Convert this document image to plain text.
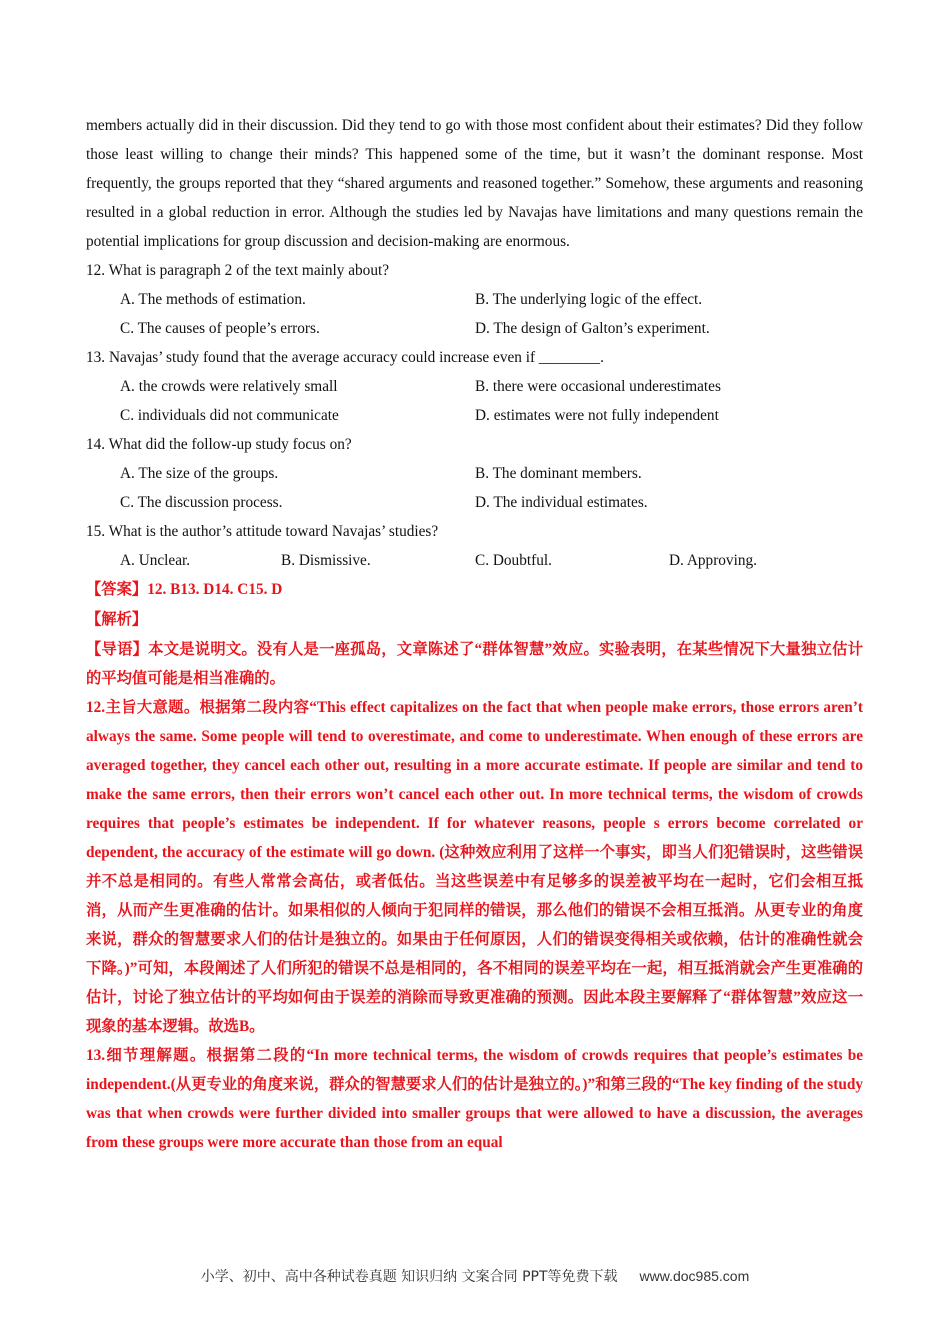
members actually did in their discussion. Did they tend to go with those most confident about their estimates? Did they follow those least willing to change their minds? This happened some of the time, but it wasn’t the dominant response. Most frequently, the groups reported that they “shared arguments and reasoned together.” Somehow, these arguments and reasoning resulted in a global reduction in error. Although the studies led by Navajas have limitations and many questions remain the potential implications for group discussion and decision-making are enormous.

12. What is paragraph 2 of the text mainly about?

A. The methods of estimation.	B. The underlying logic of the effect.
C. The causes of people’s errors.	D. The design of Galton’s experiment.

13. Navajas’ study found that the average accuracy could increase even if ________.

A. the crowds were relatively small	B. there were occasional underestimates
C. individuals did not communicate	D. estimates were not fully independent

14. What did the follow-up study focus on?

A. The size of the groups.	B. The dominant members.
C. The discussion process.	D. The individual estimates.

15. What is the author’s attitude toward Navajas’ studies?

A. Unclear.	B. Dismissive.	C. Doubtful.	D. Approving.

【答案】12. B13. D14. C15. D

【解析】

【导语】本文是说明文。没有人是一座孤岛，文章陈述了“群体智慧”效应。实验表明，在某些情况下大量独立估计的平均值可能是相当准确的。

12.主旨大意题。根据第二段内容“This effect capitalizes on the fact that when people make errors, those errors aren’t always the same. Some people will tend to overestimate, and come to underestimate. When enough of these errors are averaged together, they cancel each other out, resulting in a more accurate estimate. If people are similar and tend to make the same errors, then their errors won’t cancel each other out. In more technical terms, the wisdom of crowds requires that people’s estimates be independent. If for whatever reasons, people s errors become correlated or dependent, the accuracy of the estimate will go down. (这种效应利用了这样一个事实，即当人们犯错误时，这些错误并不总是相同的。有些人常常会高估，或者低估。当这些误差中有足够多的误差被平均在一起时，它们会相互抵消，从而产生更准确的估计。如果相似的人倾向于犯同样的错误，那么他们的错误不会相互抵消。从更专业的角度来说，群众的智慧要求人们的估计是独立的。如果由于任何原因，人们的错误变得相关或依赖，估计的准确性就会下降。)”可知，本段阐述了人们所犯的错误不总是相同的，各不相同的误差平均在一起，相互抵消就会产生更准确的估计，讨论了独立估计的平均如何由于误差的消除而导致更准确的预测。因此本段主要解释了“群体智慧”效应这一现象的基本逻辑。故选B。

13.细节理解题。根据第二段的“In more technical terms, the wisdom of crowds requires that people’s estimates be independent.(从更专业的角度来说，群众的智慧要求人们的估计是独立的。)”和第三段的“The key finding of the study was that when crowds were further divided into smaller groups that were allowed to have a discussion, the averages from these groups were more accurate than those from an equal

小学、初中、高中各种试卷真题 知识归纳 文案合同 PPT等免费下载 www.doc985.com
